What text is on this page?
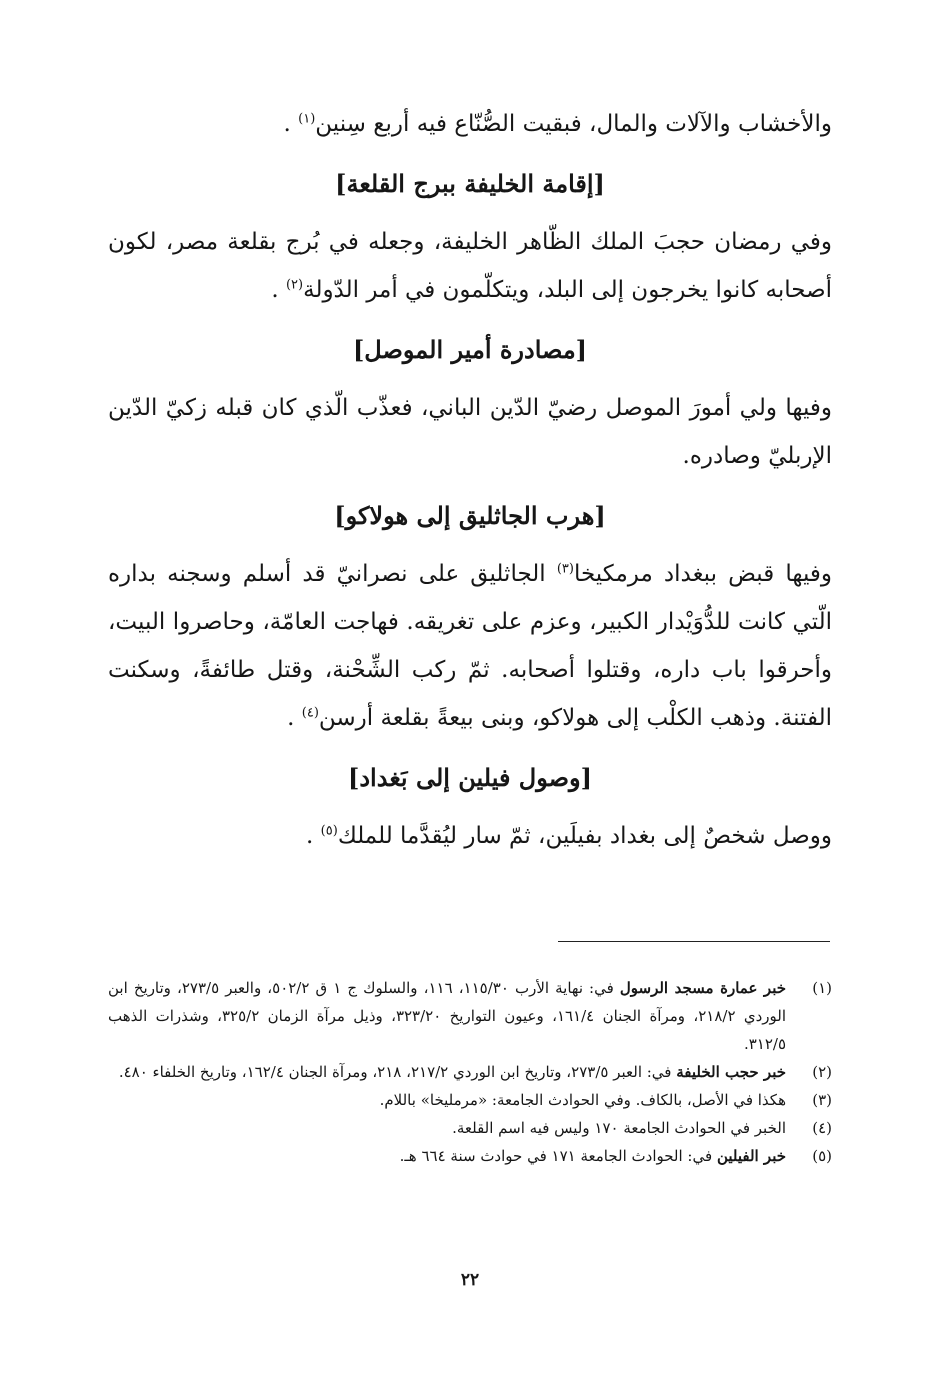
والأخشاب والآلات والمال، فبقيت الصُّنّاع فيه أربع سِنين$^{(١)}$ .

[إقامة الخليفة ببرج القلعة]

وفي رمضان حجبَ الملك الظّاهر الخليفة، وجعله في بُرج بقلعة مصر، لكون أصحابه كانوا يخرجون إلى البلد، ويتكلّمون في أمر الدّولة$^{(٢)}$ .

[مصادرة أمير الموصل]

وفيها ولي أمورَ الموصل رضيّ الدّين الباني، فعذّب الّذي كان قبله زكيّ الدّين الإربليّ وصادره.

[هرب الجاثليق إلى هولاكو]

وفيها قبض ببغداد مرمكيخا$^{(٣)}$ الجاثليق على نصرانيّ قد أسلم وسجنه بداره الّتي كانت للدُّوَيْدار الكبير، وعزم على تغريقه. فهاجت العامّة، وحاصروا البيت، وأحرقوا باب داره، وقتلوا أصحابه. ثمّ ركب الشِّحْنة، وقتل طائفةً، وسكنت الفتنة. وذهب الكلْب إلى هولاكو، وبنى بيعةً بقلعة أرسن$^{(٤)}$ .

[وصول فيلين إلى بَغداد]

ووصل شخصٌ إلى بغداد بفيلَين، ثمّ سار ليُقدَّما للملك$^{(٥)}$ .

(١)
خبر عمارة مسجد الرسول في: نهاية الأرب ١١٥/٣٠، ١١٦، والسلوك ج ١ ق ٥٠٢/٢، والعبر ٢٧٣/٥، وتاريخ ابن الوردي ٢١٨/٢، ومرآة الجنان ١٦١/٤، وعيون التواريخ ٣٢٣/٢٠، وذيل مرآة الزمان ٣٢٥/٢، وشذرات الذهب ٣١٢/٥.
(٢)
خبر حجب الخليفة في: العبر ٢٧٣/٥، وتاريخ ابن الوردي ٢١٧/٢، ٢١٨، ومرآة الجنان ١٦٢/٤، وتاريخ الخلفاء ٤٨٠.
(٣)
هكذا في الأصل، بالكاف. وفي الحوادث الجامعة: «مرمليخا» باللام.
(٤)
الخبر في الحوادث الجامعة ١٧٠ وليس فيه اسم القلعة.
(٥)
خبر الفيلين في: الحوادث الجامعة ١٧١ في حوادث سنة ٦٦٤ هـ.
٢٢
